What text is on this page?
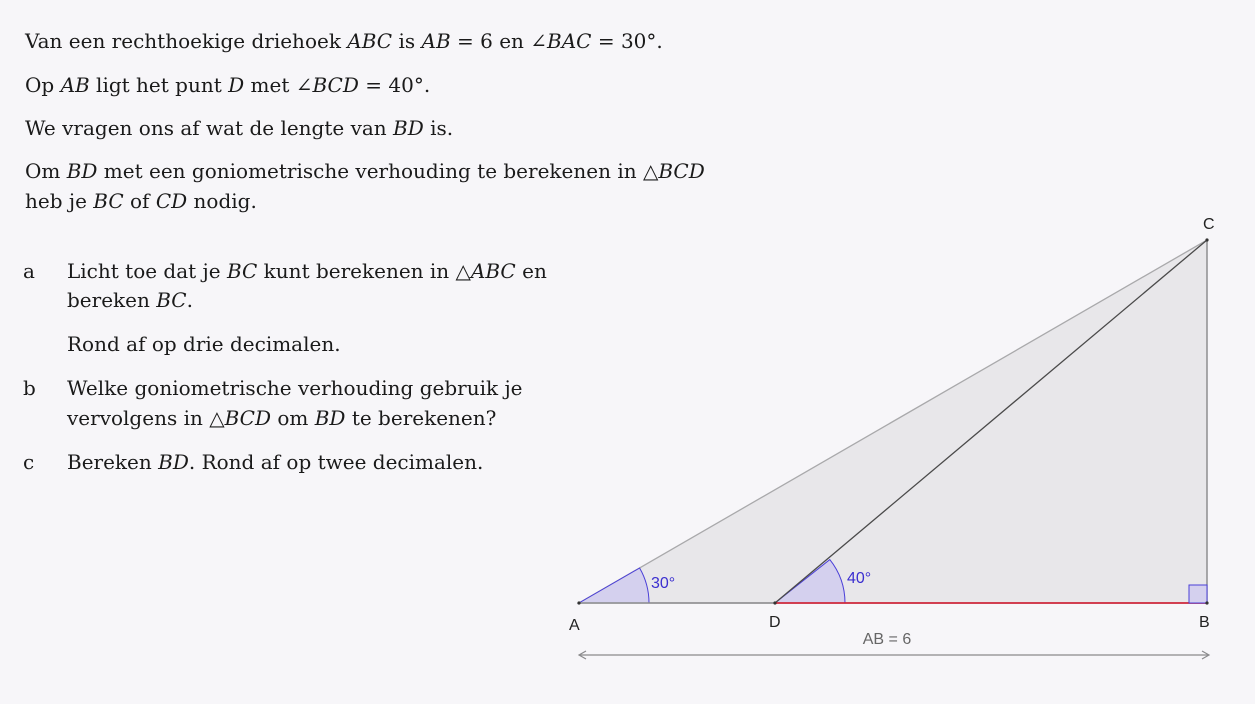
Van een rechthoekige driehoek ABC is AB = 6 en ∠BAC = 30°.
Op AB ligt het punt D met ∠BCD = 40°.
We vragen ons af wat de lengte van BD is.
Om BD met een goniometrische verhouding te berekenen in △BCD
heb je BC of CD nodig.
a Licht toe dat je BC kunt berekenen in △ABC en
bereken BC.
Rond af op drie decimalen.
b Welke goniometrische verhouding gebruik je
vervolgens in △BCD om BD te berekenen?
c Bereken BD. Rond af op twee decimalen.
30°	40°
A	D	B
C
AB = 6
